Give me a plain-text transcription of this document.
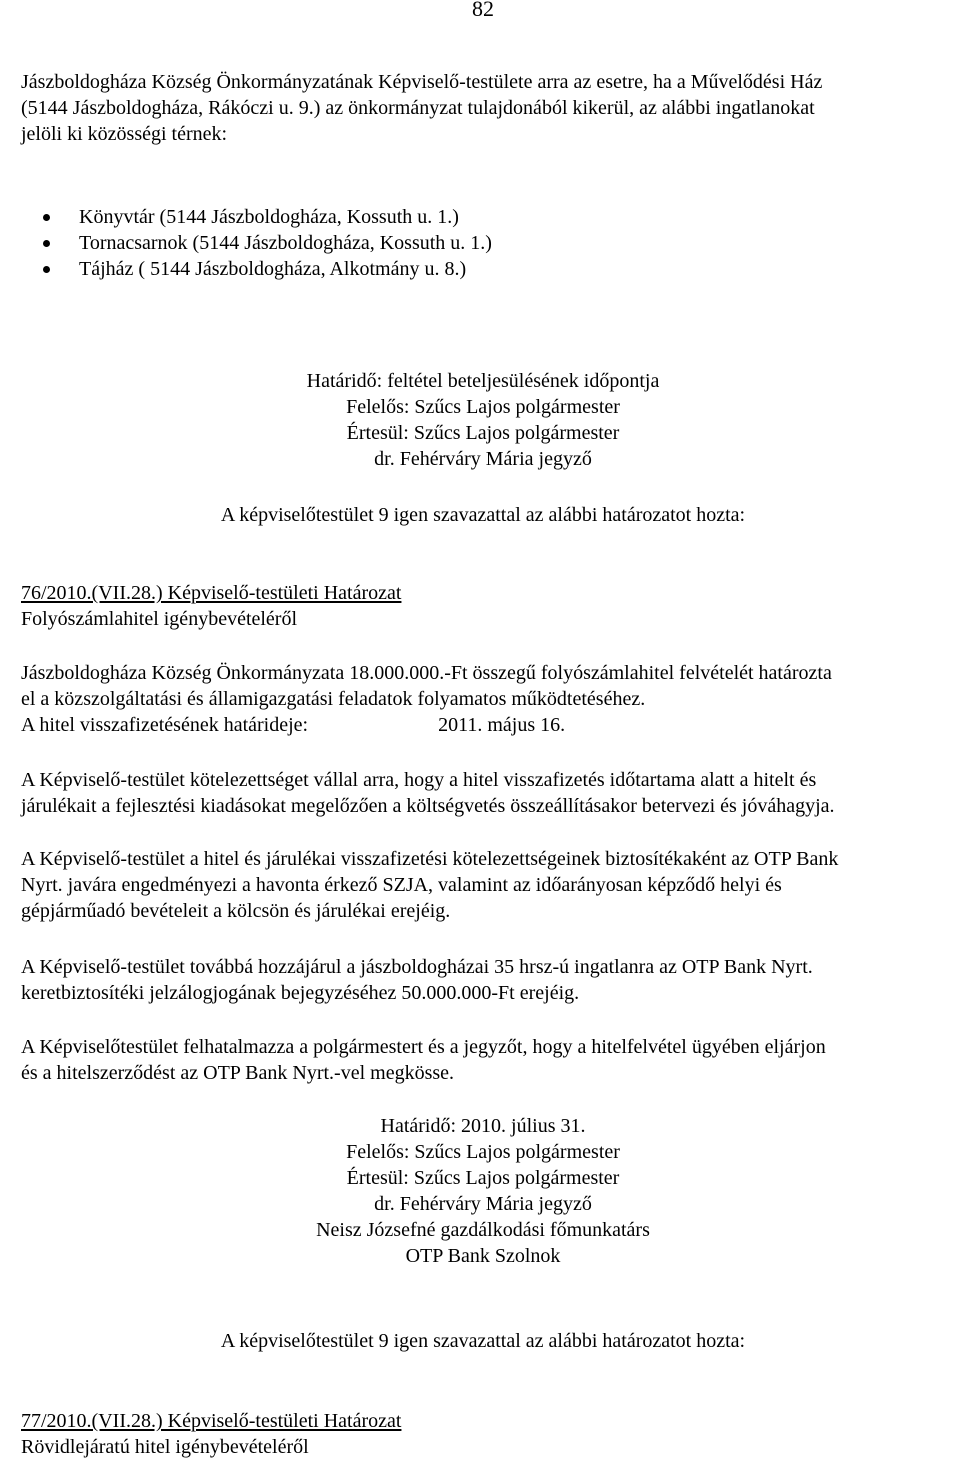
82
Jászboldogháza Község Önkormányzatának Képviselő-testülete arra az esetre, ha a Művelődési Ház
(5144 Jászboldogháza, Rákóczi u. 9.) az önkormányzat tulajdonából kikerül, az alábbi ingatlanokat
jelöli ki közösségi térnek:
Könyvtár (5144 Jászboldogháza, Kossuth u. 1.)
Tornacsarnok (5144 Jászboldogháza, Kossuth u. 1.)
Tájház ( 5144 Jászboldogháza, Alkotmány u. 8.)
Határidő: feltétel beteljesülésének időpontja
Felelős: Szűcs Lajos polgármester
Értesül: Szűcs Lajos polgármester
dr. Fehérváry Mária jegyző
A képviselőtestület 9 igen szavazattal az alábbi határozatot hozta:
76/2010.(VII.28.) Képviselő-testületi Határozat
Folyószámlahitel igénybevételéről
Jászboldogháza Község Önkormányzata 18.000.000.-Ft összegű folyószámlahitel felvételét határozta
el a közszolgáltatási és államigazgatási feladatok folyamatos működtetéséhez.
A hitel visszafizetésének határideje:	2011. május 16.
A Képviselő-testület kötelezettséget vállal arra, hogy a hitel visszafizetés időtartama alatt a hitelt és
járulékait a fejlesztési kiadásokat megelőzően a költségvetés összeállításakor betervezi és jóváhagyja.
A Képviselő-testület a hitel és járulékai visszafizetési kötelezettségeinek biztosítékaként az OTP Bank
Nyrt. javára engedményezi a havonta érkező SZJA, valamint az időarányosan képződő helyi és
gépjárműadó bevételeit a kölcsön és járulékai erejéig.
A Képviselő-testület továbbá hozzájárul a jászboldogházai 35 hrsz-ú ingatlanra az OTP Bank Nyrt.
keretbiztosítéki jelzálogjogának bejegyzéséhez 50.000.000-Ft erejéig.
A Képviselőtestület felhatalmazza a polgármestert és a jegyzőt, hogy a hitelfelvétel ügyében eljárjon
és a hitelszerződést az OTP Bank Nyrt.-vel megkösse.
Határidő: 2010. július 31.
Felelős: Szűcs Lajos polgármester
Értesül: Szűcs Lajos polgármester
dr. Fehérváry Mária jegyző
Neisz Józsefné gazdálkodási főmunkatárs
OTP Bank Szolnok
A képviselőtestület 9 igen szavazattal az alábbi határozatot hozta:
77/2010.(VII.28.) Képviselő-testületi Határozat
Rövidlejáratú hitel igénybevételéről
